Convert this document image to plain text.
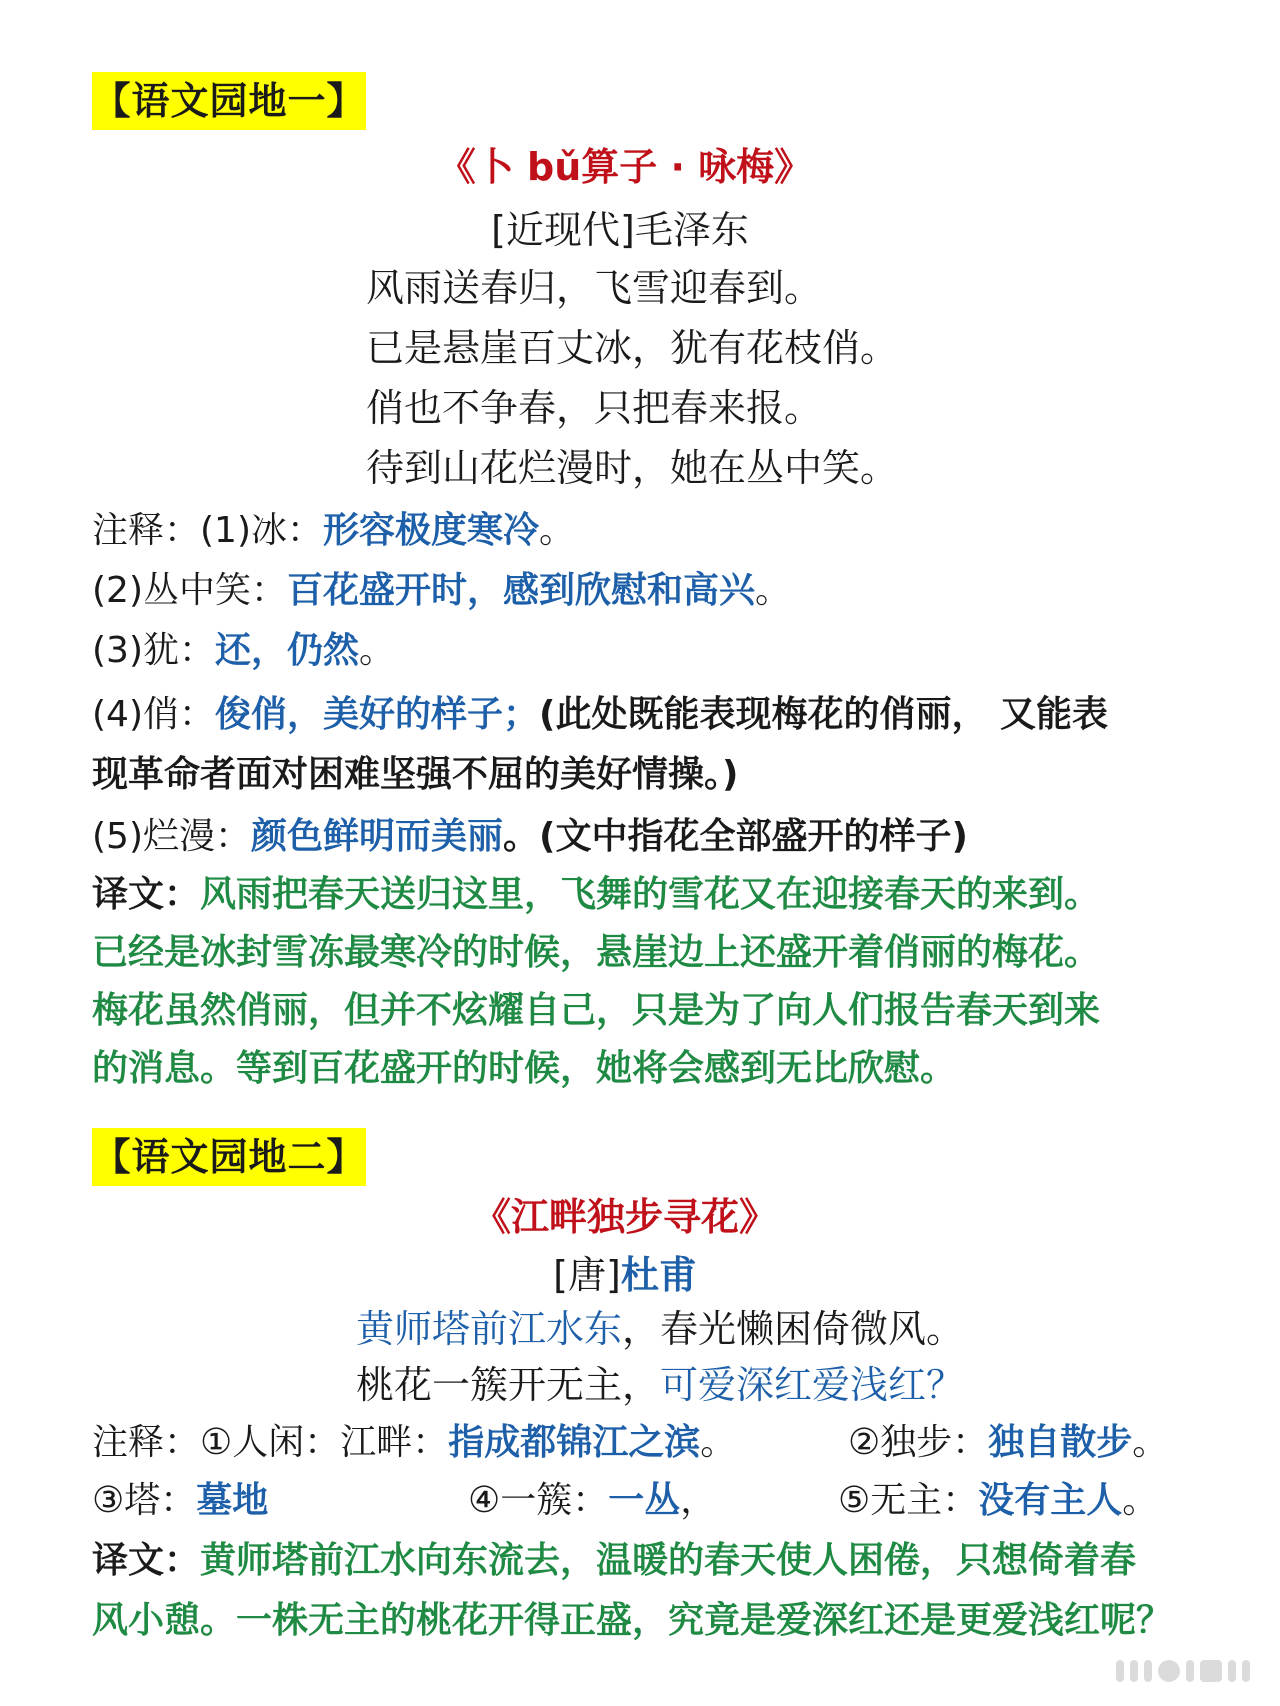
【语文园地一】
《卜 bǔ算子 · 咏梅》
[近现代]毛泽东
风雨送春归，飞雪迎春到。
已是悬崖百丈冰，犹有花枝俏。
俏也不争春，只把春来报。
待到山花烂漫时，她在丛中笑。
注释：(1)冰：形容极度寒冷。
(2)丛中笑：百花盛开时，感到欣慰和高兴。
(3)犹：还，仍然。
(4)俏：俊俏，美好的样子；(此处既能表现梅花的俏丽， 又能表
现革命者面对困难坚强不屈的美好情操。)
(5)烂漫：颜色鲜明而美丽。(文中指花全部盛开的样子)
译文：风雨把春天送归这里，飞舞的雪花又在迎接春天的来到。
已经是冰封雪冻最寒冷的时候，悬崖边上还盛开着俏丽的梅花。
梅花虽然俏丽，但并不炫耀自己，只是为了向人们报告春天到来
的消息。等到百花盛开的时候，她将会感到无比欣慰。
【语文园地二】
《江畔独步寻花》
[唐]杜甫
黄师塔前江水东，春光懒困倚微风。
桃花一簇开无主，可爱深红爱浅红？
注释：①人闲：江畔：指成都锦江之滨。	②独步：独自散步。
③塔：墓地	④一簇：一丛，	⑤无主：没有主人。
译文：黄师塔前江水向东流去，温暖的春天使人困倦，只想倚着春
风小憩。一株无主的桃花开得正盛，究竟是爱深红还是更爱浅红呢？
